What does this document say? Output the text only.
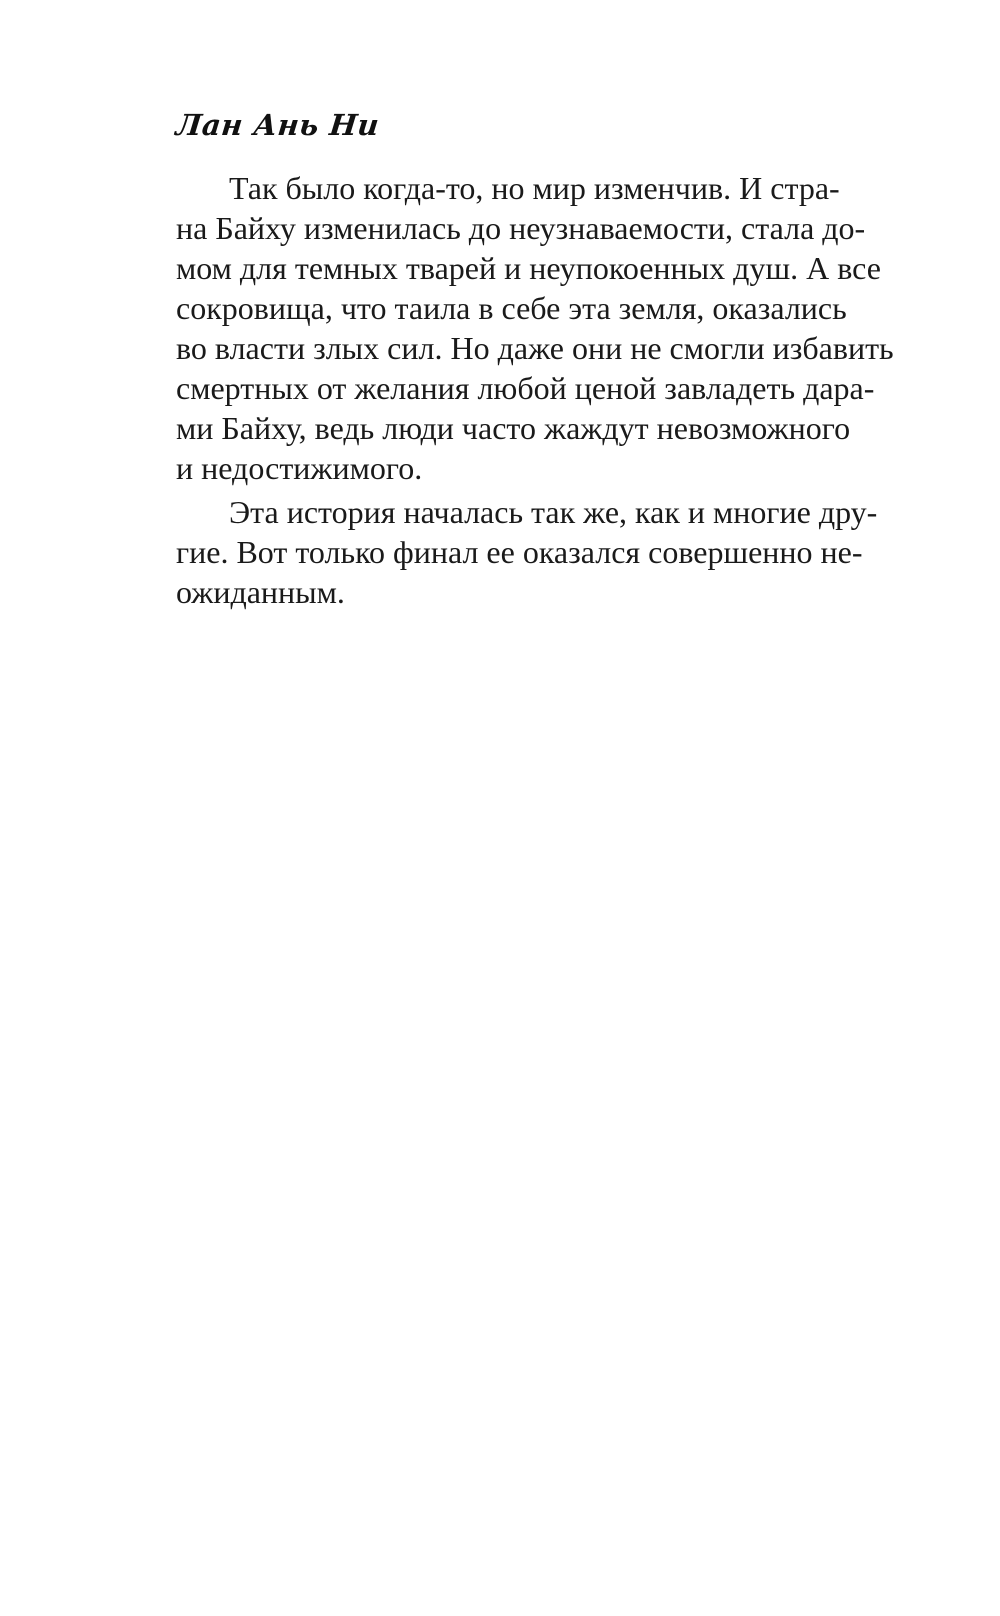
Лан Ань Ни
Так было когда-то, но мир изменчив. И стра-
на Байху изменилась до неузнаваемости, стала до-
мом для темных тварей и неупокоенных душ. А все
сокровища, что таила в себе эта земля, оказались
во власти злых сил. Но даже они не смогли избавить
смертных от желания любой ценой завладеть дара-
ми Байху, ведь люди часто жаждут невозможного
и недостижимого.
Эта история началась так же, как и многие дру-
гие. Вот только финал ее оказался совершенно не-
ожиданным.
